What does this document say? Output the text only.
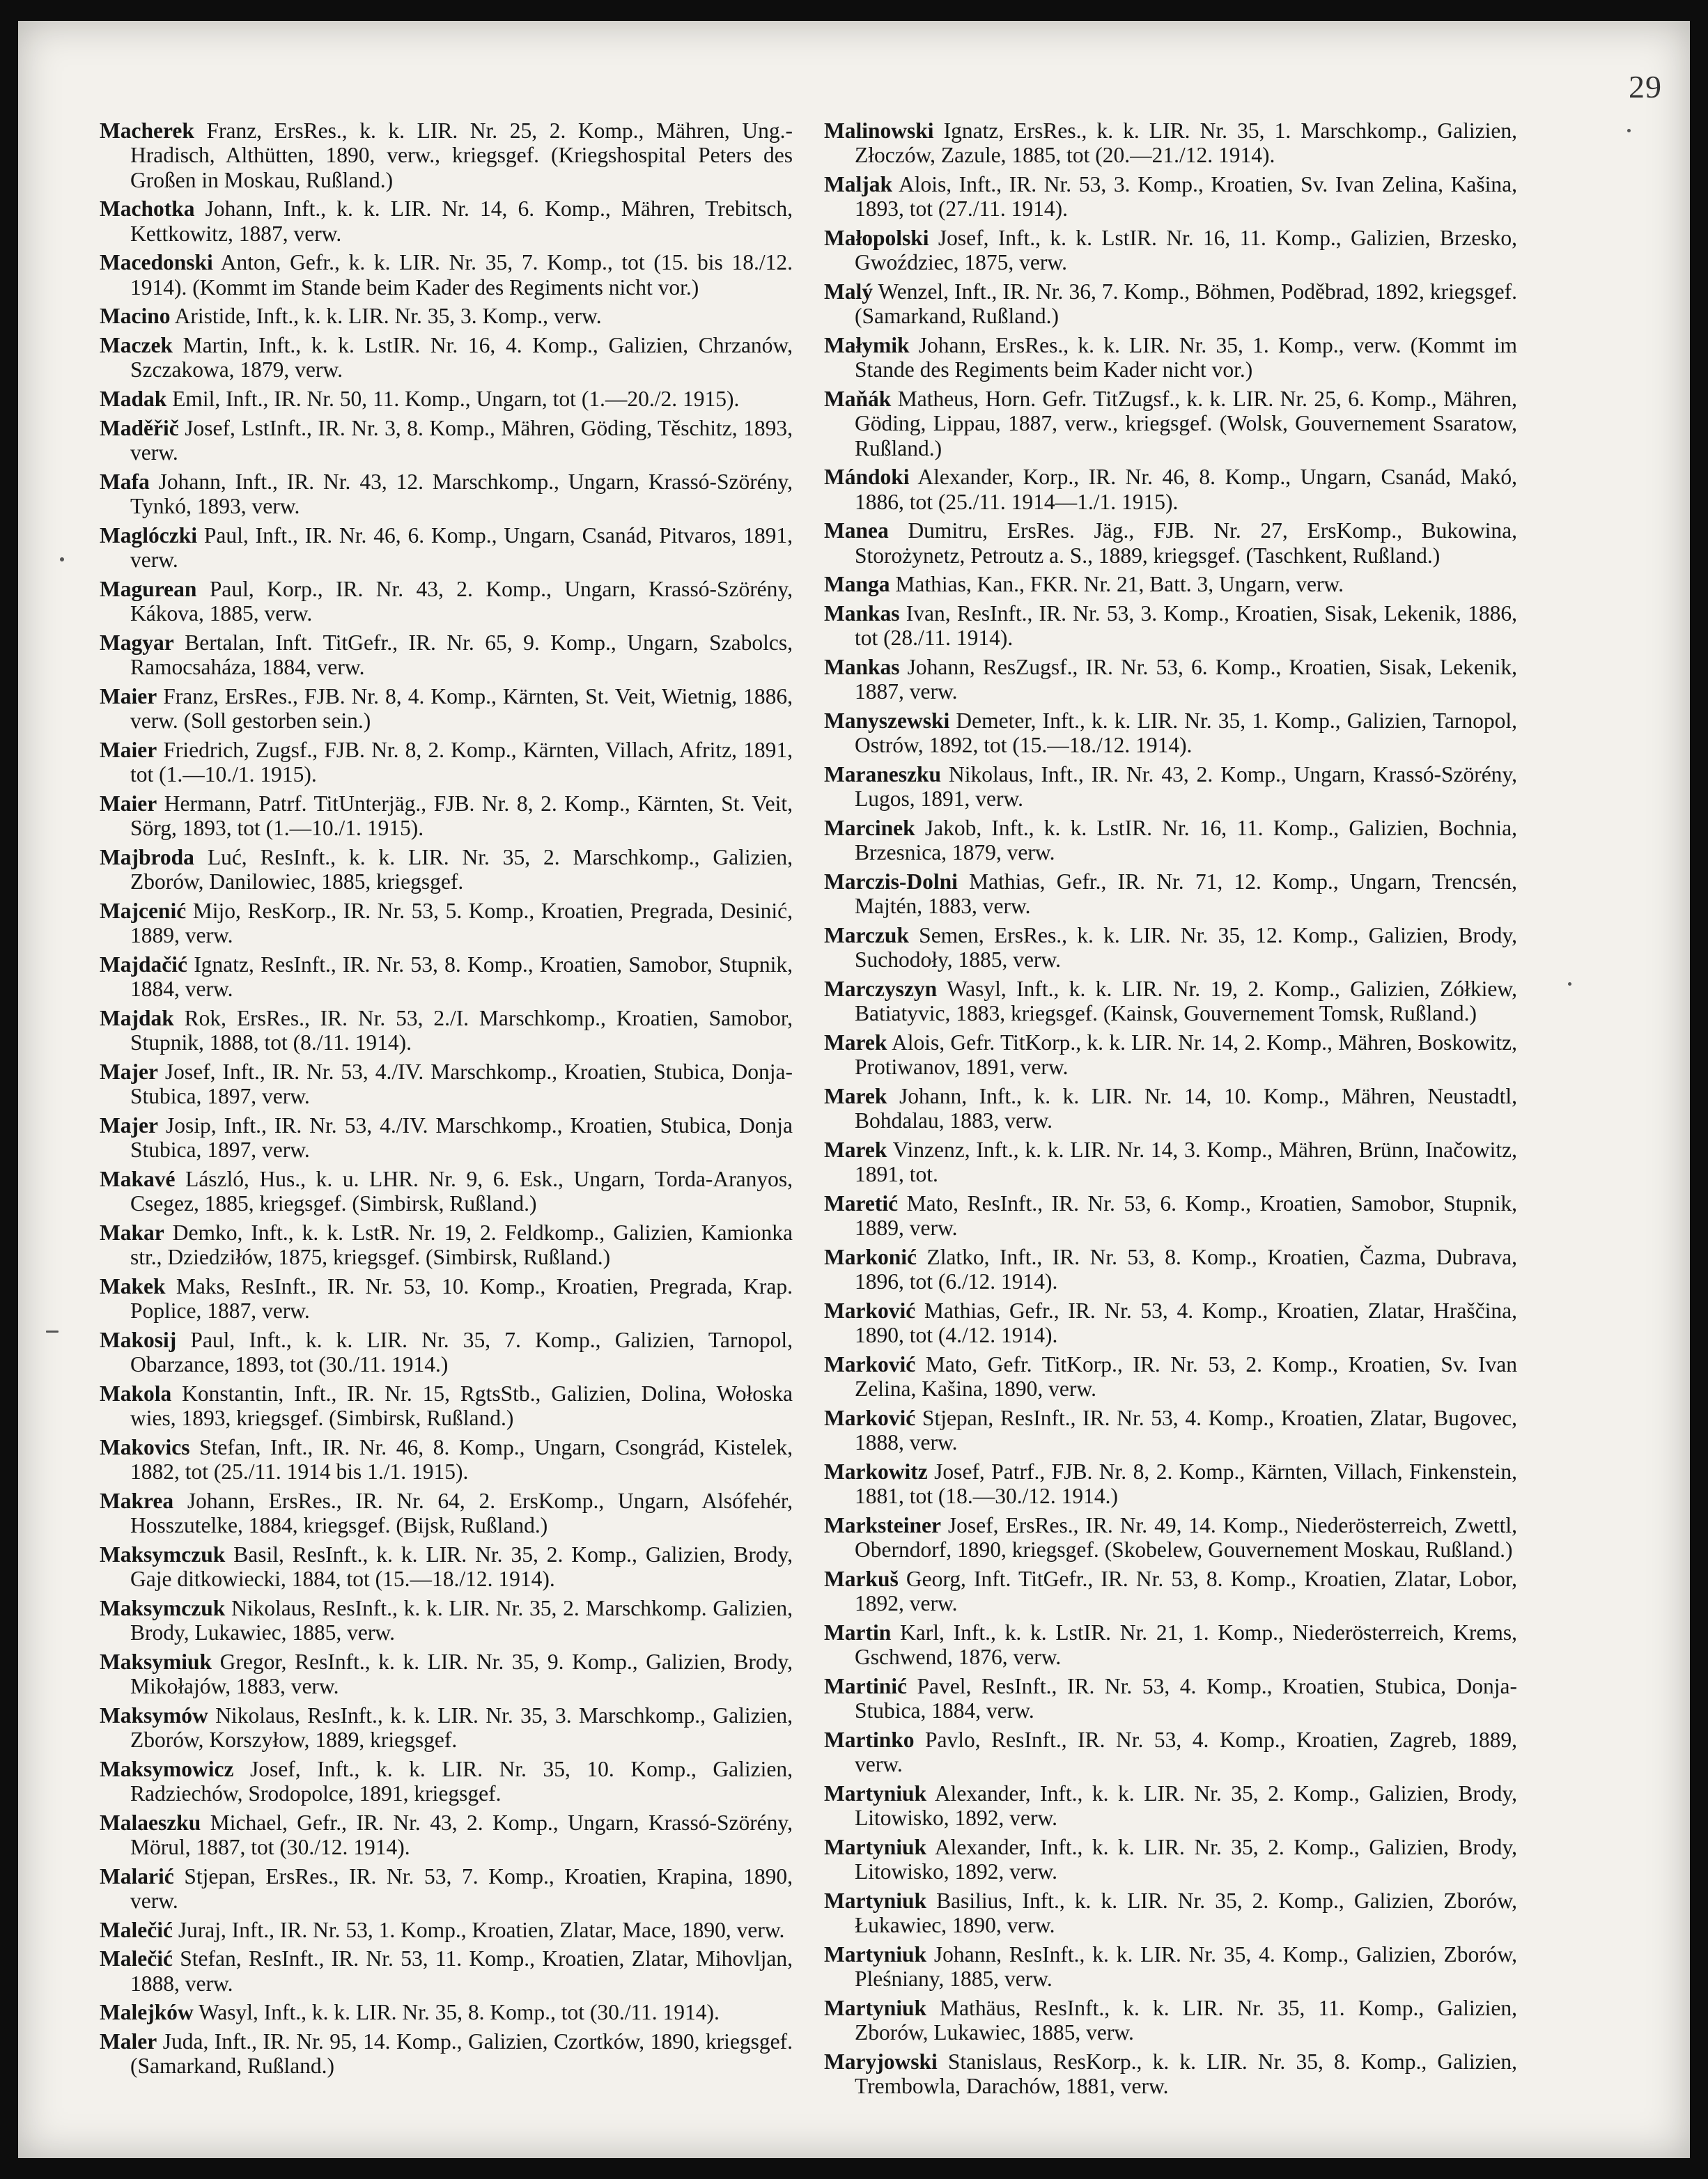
29

Macherek Franz, ErsRes., k. k. LIR. Nr. 25, 2. Komp., Mähren, Ung.-Hradisch, Althütten, 1890, verw., kriegsgef. (Kriegshospital Peters des Großen in Moskau, Rußland.)

Machotka Johann, Inft., k. k. LIR. Nr. 14, 6. Komp., Mähren, Trebitsch, Kettkowitz, 1887, verw.

Macedonski Anton, Gefr., k. k. LIR. Nr. 35, 7. Komp., tot (15. bis 18./12. 1914). (Kommt im Stande beim Kader des Regiments nicht vor.)

Macino Aristide, Inft., k. k. LIR. Nr. 35, 3. Komp., verw.

Maczek Martin, Inft., k. k. LstIR. Nr. 16, 4. Komp., Galizien, Chrzanów, Szczakowa, 1879, verw.

Madak Emil, Inft., IR. Nr. 50, 11. Komp., Ungarn, tot (1.—20./2. 1915).

Maděřič Josef, LstInft., IR. Nr. 3, 8. Komp., Mähren, Göding, Těschitz, 1893, verw.

Mafa Johann, Inft., IR. Nr. 43, 12. Marschkomp., Ungarn, Krassó-Szörény, Tynkó, 1893, verw.

Maglóczki Paul, Inft., IR. Nr. 46, 6. Komp., Ungarn, Csanád, Pitvaros, 1891, verw.

Magurean Paul, Korp., IR. Nr. 43, 2. Komp., Ungarn, Krassó-Szörény, Kákova, 1885, verw.

Magyar Bertalan, Inft. TitGefr., IR. Nr. 65, 9. Komp., Ungarn, Szabolcs, Ramocsaháza, 1884, verw.

Maier Franz, ErsRes., FJB. Nr. 8, 4. Komp., Kärnten, St. Veit, Wietnig, 1886, verw. (Soll gestorben sein.)

Maier Friedrich, Zugsf., FJB. Nr. 8, 2. Komp., Kärnten, Villach, Afritz, 1891, tot (1.—10./1. 1915).

Maier Hermann, Patrf. TitUnterjäg., FJB. Nr. 8, 2. Komp., Kärnten, St. Veit, Sörg, 1893, tot (1.—10./1. 1915).

Majbroda Luć, ResInft., k. k. LIR. Nr. 35, 2. Marschkomp., Galizien, Zborów, Danilowiec, 1885, kriegsgef.

Majcenić Mijo, ResKorp., IR. Nr. 53, 5. Komp., Kroatien, Pregrada, Desinić, 1889, verw.

Majdačić Ignatz, ResInft., IR. Nr. 53, 8. Komp., Kroatien, Samobor, Stupnik, 1884, verw.

Majdak Rok, ErsRes., IR. Nr. 53, 2./I. Marschkomp., Kroatien, Samobor, Stupnik, 1888, tot (8./11. 1914).

Majer Josef, Inft., IR. Nr. 53, 4./IV. Marschkomp., Kroatien, Stubica, Donja-Stubica, 1897, verw.

Majer Josip, Inft., IR. Nr. 53, 4./IV. Marschkomp., Kroatien, Stubica, Donja Stubica, 1897, verw.

Makavé László, Hus., k. u. LHR. Nr. 9, 6. Esk., Ungarn, Torda-Aranyos, Csegez, 1885, kriegsgef. (Simbirsk, Rußland.)

Makar Demko, Inft., k. k. LstR. Nr. 19, 2. Feldkomp., Galizien, Kamionka str., Dziedziłów, 1875, kriegsgef. (Simbirsk, Rußland.)

Makek Maks, ResInft., IR. Nr. 53, 10. Komp., Kroatien, Pregrada, Krap. Poplice, 1887, verw.

Makosij Paul, Inft., k. k. LIR. Nr. 35, 7. Komp., Galizien, Tarnopol, Obarzance, 1893, tot (30./11. 1914.)

Makola Konstantin, Inft., IR. Nr. 15, RgtsStb., Galizien, Dolina, Wołoska wies, 1893, kriegsgef. (Simbirsk, Rußland.)

Makovics Stefan, Inft., IR. Nr. 46, 8. Komp., Ungarn, Csongrád, Kistelek, 1882, tot (25./11. 1914 bis 1./1. 1915).

Makrea Johann, ErsRes., IR. Nr. 64, 2. ErsKomp., Ungarn, Alsófehér, Hosszutelke, 1884, kriegsgef. (Bijsk, Rußland.)

Maksymczuk Basil, ResInft., k. k. LIR. Nr. 35, 2. Komp., Galizien, Brody, Gaje ditkowiecki, 1884, tot (15.—18./12. 1914).

Maksymczuk Nikolaus, ResInft., k. k. LIR. Nr. 35, 2. Marschkomp. Galizien, Brody, Lukawiec, 1885, verw.

Maksymiuk Gregor, ResInft., k. k. LIR. Nr. 35, 9. Komp., Galizien, Brody, Mikołajów, 1883, verw.

Maksymów Nikolaus, ResInft., k. k. LIR. Nr. 35, 3. Marschkomp., Galizien, Zborów, Korszyłow, 1889, kriegsgef.

Maksymowicz Josef, Inft., k. k. LIR. Nr. 35, 10. Komp., Galizien, Radziechów, Srodopolce, 1891, kriegsgef.

Malaeszku Michael, Gefr., IR. Nr. 43, 2. Komp., Ungarn, Krassó-Szörény, Mörul, 1887, tot (30./12. 1914).

Malarić Stjepan, ErsRes., IR. Nr. 53, 7. Komp., Kroatien, Krapina, 1890, verw.

Malečić Juraj, Inft., IR. Nr. 53, 1. Komp., Kroatien, Zlatar, Mace, 1890, verw.

Malečić Stefan, ResInft., IR. Nr. 53, 11. Komp., Kroatien, Zlatar, Mihovljan, 1888, verw.

Malejków Wasyl, Inft., k. k. LIR. Nr. 35, 8. Komp., tot (30./11. 1914).

Maler Juda, Inft., IR. Nr. 95, 14. Komp., Galizien, Czortków, 1890, kriegsgef. (Samarkand, Rußland.)

Malinowski Ignatz, ErsRes., k. k. LIR. Nr. 35, 1. Marschkomp., Galizien, Złoczów, Zazule, 1885, tot (20.—21./12. 1914).

Maljak Alois, Inft., IR. Nr. 53, 3. Komp., Kroatien, Sv. Ivan Zelina, Kašina, 1893, tot (27./11. 1914).

Małopolski Josef, Inft., k. k. LstIR. Nr. 16, 11. Komp., Galizien, Brzesko, Gwoździec, 1875, verw.

Malý Wenzel, Inft., IR. Nr. 36, 7. Komp., Böhmen, Poděbrad, 1892, kriegsgef. (Samarkand, Rußland.)

Małymik Johann, ErsRes., k. k. LIR. Nr. 35, 1. Komp., verw. (Kommt im Stande des Regiments beim Kader nicht vor.)

Maňák Matheus, Horn. Gefr. TitZugsf., k. k. LIR. Nr. 25, 6. Komp., Mähren, Göding, Lippau, 1887, verw., kriegsgef. (Wolsk, Gouvernement Ssaratow, Rußland.)

Mándoki Alexander, Korp., IR. Nr. 46, 8. Komp., Ungarn, Csanád, Makó, 1886, tot (25./11. 1914—1./1. 1915).

Manea Dumitru, ErsRes. Jäg., FJB. Nr. 27, ErsKomp., Bukowina, Storożynetz, Petroutz a. S., 1889, kriegsgef. (Taschkent, Rußland.)

Manga Mathias, Kan., FKR. Nr. 21, Batt. 3, Ungarn, verw.

Mankas Ivan, ResInft., IR. Nr. 53, 3. Komp., Kroatien, Sisak, Lekenik, 1886, tot (28./11. 1914).

Mankas Johann, ResZugsf., IR. Nr. 53, 6. Komp., Kroatien, Sisak, Lekenik, 1887, verw.

Manyszewski Demeter, Inft., k. k. LIR. Nr. 35, 1. Komp., Galizien, Tarnopol, Ostrów, 1892, tot (15.—18./12. 1914).

Maraneszku Nikolaus, Inft., IR. Nr. 43, 2. Komp., Ungarn, Krassó-Szörény, Lugos, 1891, verw.

Marcinek Jakob, Inft., k. k. LstIR. Nr. 16, 11. Komp., Galizien, Bochnia, Brzesnica, 1879, verw.

Marczis-Dolni Mathias, Gefr., IR. Nr. 71, 12. Komp., Ungarn, Trencsén, Majtén, 1883, verw.

Marczuk Semen, ErsRes., k. k. LIR. Nr. 35, 12. Komp., Galizien, Brody, Suchodoły, 1885, verw.

Marczyszyn Wasyl, Inft., k. k. LIR. Nr. 19, 2. Komp., Galizien, Zółkiew, Batiatyvic, 1883, kriegsgef. (Kainsk, Gouvernement Tomsk, Rußland.)

Marek Alois, Gefr. TitKorp., k. k. LIR. Nr. 14, 2. Komp., Mähren, Boskowitz, Protiwanov, 1891, verw.

Marek Johann, Inft., k. k. LIR. Nr. 14, 10. Komp., Mähren, Neustadtl, Bohdalau, 1883, verw.

Marek Vinzenz, Inft., k. k. LIR. Nr. 14, 3. Komp., Mähren, Brünn, Inačowitz, 1891, tot.

Maretić Mato, ResInft., IR. Nr. 53, 6. Komp., Kroatien, Samobor, Stupnik, 1889, verw.

Markonić Zlatko, Inft., IR. Nr. 53, 8. Komp., Kroatien, Čazma, Dubrava, 1896, tot (6./12. 1914).

Marković Mathias, Gefr., IR. Nr. 53, 4. Komp., Kroatien, Zlatar, Hraščina, 1890, tot (4./12. 1914).

Marković Mato, Gefr. TitKorp., IR. Nr. 53, 2. Komp., Kroatien, Sv. Ivan Zelina, Kašina, 1890, verw.

Marković Stjepan, ResInft., IR. Nr. 53, 4. Komp., Kroatien, Zlatar, Bugovec, 1888, verw.

Markowitz Josef, Patrf., FJB. Nr. 8, 2. Komp., Kärnten, Villach, Finkenstein, 1881, tot (18.—30./12. 1914.)

Marksteiner Josef, ErsRes., IR. Nr. 49, 14. Komp., Niederösterreich, Zwettl, Oberndorf, 1890, kriegsgef. (Skobelew, Gouvernement Moskau, Rußland.)

Markuš Georg, Inft. TitGefr., IR. Nr. 53, 8. Komp., Kroatien, Zlatar, Lobor, 1892, verw.

Martin Karl, Inft., k. k. LstIR. Nr. 21, 1. Komp., Niederösterreich, Krems, Gschwend, 1876, verw.

Martinić Pavel, ResInft., IR. Nr. 53, 4. Komp., Kroatien, Stubica, Donja-Stubica, 1884, verw.

Martinko Pavlo, ResInft., IR. Nr. 53, 4. Komp., Kroatien, Zagreb, 1889, verw.

Martyniuk Alexander, Inft., k. k. LIR. Nr. 35, 2. Komp., Galizien, Brody, Litowisko, 1892, verw.

Martyniuk Alexander, Inft., k. k. LIR. Nr. 35, 2. Komp., Galizien, Brody, Litowisko, 1892, verw.

Martyniuk Basilius, Inft., k. k. LIR. Nr. 35, 2. Komp., Galizien, Zborów, Łukawiec, 1890, verw.

Martyniuk Johann, ResInft., k. k. LIR. Nr. 35, 4. Komp., Galizien, Zborów, Pleśniany, 1885, verw.

Martyniuk Mathäus, ResInft., k. k. LIR. Nr. 35, 11. Komp., Galizien, Zborów, Lukawiec, 1885, verw.

Maryjowski Stanislaus, ResKorp., k. k. LIR. Nr. 35, 8. Komp., Galizien, Trembowla, Darachów, 1881, verw.
